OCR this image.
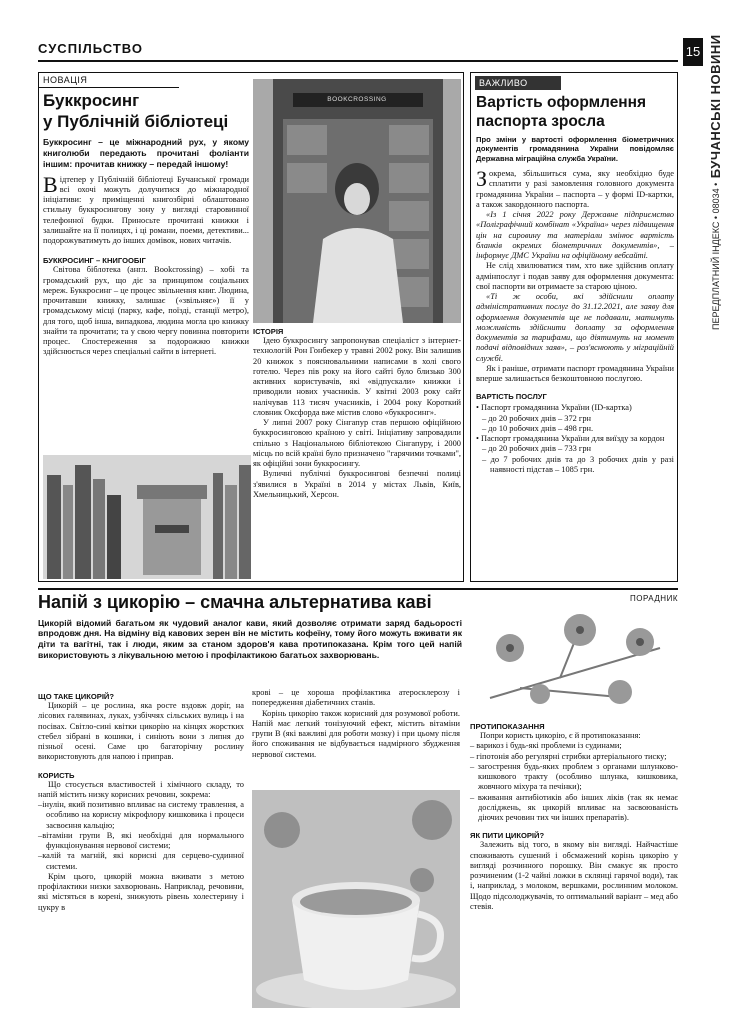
СУСПІЛЬСТВО	15
ПЕРЕДПЛАТНИЙ ІНДЕКС • 08034 • БУЧАНСЬКІ НОВИНИ
НОВАЦІЯ
Буккросинг
у Публічній бібліотеці
Буккросинг – це міжнародний рух, у якому книголюби передають прочитані фоліанти іншим: прочитав книжку – передай іншому!

Відтепер у Публічній бібліотеці Бучанської громади всі охочі можуть долучитися до міжнародної ініціативи: у приміщенні книгозбірні облаштовано стильну буккросингову зону у вигляді старовинної телефонної будки. Приносьте прочитані книжки і залишайте на її полицях, і ці романи, поеми, детективи... подорожуватимуть до інших домівок, нових читачів.

БУККРОСИНГ – КНИГООБІГ

Світова біблотека (англ. Bookcrossing) – хобі та громадський рух, що діє за принципом соціальних мереж. Буккросинг – це процес звільнення книг. Людина, прочитавши книжку, залишає («звільняє») її у громадському місці (парку, кафе, поїзді, станції метро), для того, щоб інша, випадкова, людина могла цю книжку знайти та прочитати; та у свою чергу повинна повторити процес. Спостереження за подорожжю книжки здійснюється через спеціальні сайти в інтернеті.

BOOKCROSSING
ІСТОРІЯ

Ідею буккросингу запропонував спеціаліст з інтернет-технологій Рон Гонбекер у травні 2002 року. Він залишив 20 книжок з пояснювальними написами в холі свого готелю. Через пів року на його сайті було близько 300 активних користувачів, які «відпускали» книжки і приводили нових учасників. У квітні 2003 року сайт налічував 113 тисяч учасників, і 2004 року Короткий словник Оксфорда вже містив слово «буккросинг».

У липні 2007 року Сінгапур став першою офіційною буккросинговою країною у світі. Ініціативу запровадили спільно з Національною бібліотекою Сінгапуру, і 2000 місць по всій країні було призначено "гарячими точками", як офіційні зони буккросингу.

Вуличні публічні буккросингові безпечні полиці з'явилися в Україні в 2014 у містах Львів, Київ, Хмельницький, Херсон.

ВАЖЛИВО
Вартість оформлення
паспорта зросла
Про зміни у вартості оформлення біометричних документів громадянина України повідомляє Державна міграційна служба України.

Зокрема, збільшиться сума, яку необхідно буде сплатити у разі замовлення головного документа громадянина України – паспорта – у формі ID-картки, а також закордонного паспорта.

«Із 1 січня 2022 року Державне підприємство «Поліграфічний комбінат «Україна» через підвищення цін на сировину та матеріали змінює вартість бланків окремих біометричних документів», – інформує ДМС України на офіційному вебсайті.

Не слід хвилюватися тим, хто вже здійснив оплату адмінпослуг і подав заяву для оформлення документа: свої паспорти ви отримаєте за старою ціною.

«Ті ж особи, які здійснили оплату адміністративних послуг до 31.12.2021, але заяву для оформлення документів ще не подавали, матимуть можливість здійснити доплату за оформлення документів за тарифами, що діятимуть на момент подачі відповідних заяв», – роз'яснюють у міграційній службі.

Як і раніше, отримати паспорт громадянина України вперше залишається безкоштовною послугою.

ВАРТІСТЬ ПОСЛУГ
• Паспорт громадянина України (ID-картка)
– до 20 робочих днів – 372 грн
– до 10 робочих днів – 498 грн.
• Паспорт громадянина України для виїзду за кордон
– до 20 робочих днів – 733 грн
– до 7 робочих днів та до 3 робочих днів у разі наявності підстав – 1085 грн.
Напій з цикорію – смачна альтернатива каві	ПОРАДНИК
Цикорій відомий багатьом як чудовий аналог кави, який дозволяє отримати заряд бадьорості впродовж дня. На відміну від кавових зерен він не містить кофеїну, тому його можуть вживати як діти та вагітні, так і люди, яким за станом здоров'я кава протипоказана. Крім того цей напій використовують з лікувальною метою і профілактикою багатьох захворювань.
ЩО ТАКЕ ЦИКОРІЙ?

Цикорій – це рослина, яка росте вздовж доріг, на лісових галявинах, луках, узбіччях сільських вулиць і на посівах. Світло-сині квітки цикорію на кінцях жорстких стебел зібрані в кошики, і синіють вони з липня до пізньої осені. Саме цю багаторічну рослину використовують для напою і приправ.

КОРИСТЬ

Що стосується властивостей і хімічного складу, то напій містить низку корисних речовин, зокрема:

–інулін, який позитивно впливає на систему травлення, а особливо на корисну мікрофлору кишковика і процеси засвоєння кальцію;
–вітаміни групи В, які необхідні для нормального функціонування нервової системи;
–калій та магній, які корисні для серцево-судинної системи.

Крім цього, цикорій можна вживати з метою профілактики низки захворювань. Наприклад, речовини, які містяться в корені, знижують рівень холестерину і цукру в

крові – це хороша профілактика атеросклерозу і попередження діабетичних станів.

Корінь цикорію також корисний для розумової роботи. Напій має легкий тонізуючий ефект, містить вітаміни групи В (які важливі для роботи мозку) і при цьому після його споживання не відбувається надмірного збудження нервової системи.

ПРОТИПОКАЗАННЯ

Попри користь цикорію, є й протипоказання:

– варикоз і будь-які проблеми із судинами;
– гіпотонія або регулярні стрибки артеріального тиску;
– загострення будь-яких проблем з органами шлунково-кишкового тракту (особливо шлунка, кишковика, жовчного міхура та печінки);
– вживання антибіотиків або інших ліків (так як немає досліджень, як цикорій впливає на засвоюваність діючих речовин тих чи інших препаратів).
ЯК ПИТИ ЦИКОРІЙ?

Залежить від того, в якому він вигляді. Найчастіше споживають сушений і обсмажений корінь цикорію у вигляді розчинного порошку. Він смакує як просто розчиненим (1-2 чайні ложки в склянці гарячої води), так і, наприклад, з молоком, вершками, рослинним молоком. Щодо підсолоджувачів, то оптимальний варіант – мед або стевія.
